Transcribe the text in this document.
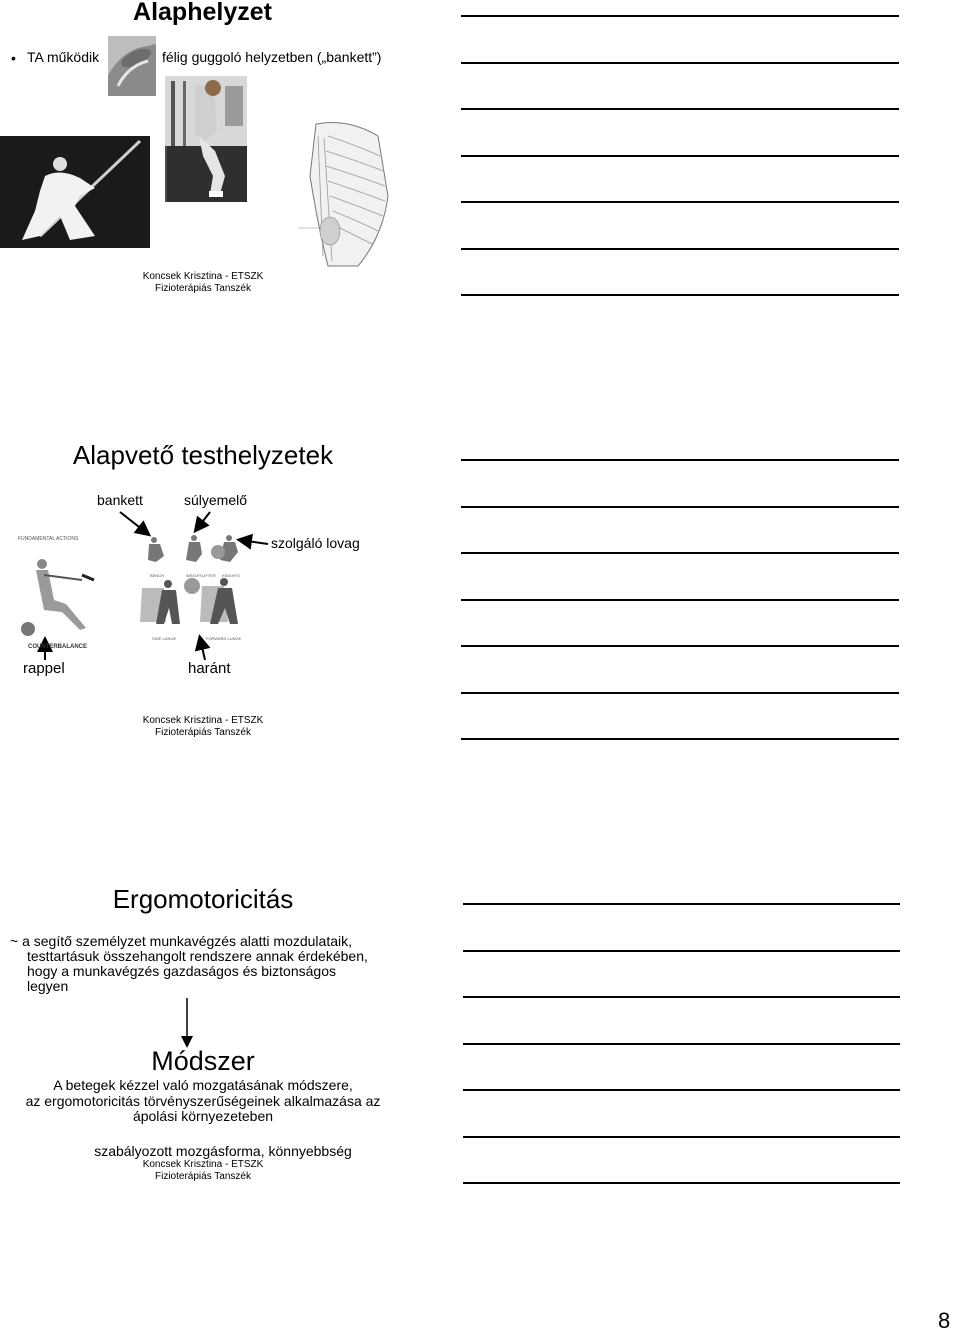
Alaphelyzet
• TA működik	félig guggoló helyzetben („bankett”)
Koncsek Krisztina - ETSZK
Fizioterápiás Tanszék
Alapvető testhelyzetek
bankett	súlyemelő
szolgáló lovag
rappel	haránt
FUNDAMENTAL ACTIONS
COUNTERBALANCE
BENCH	WEIGHTLIFTER KNIGHTS
SIDE LUNGE	FORWARD LUNGE
Koncsek Krisztina - ETSZK
Fizioterápiás Tanszék
Ergomotoricitás
~ a segítő személyzet munkavégzés alatti mozdulataik,
testtartásuk összehangolt rendszere annak érdekében,
hogy a munkavégzés gazdaságos és biztonságos
legyen
Módszer
A betegek kézzel való mozgatásának módszere,
az ergomotoricitás törvényszerűségeinek alkalmazása az
ápolási környezeteben
szabályozott mozgásforma, könnyebbség
Koncsek Krisztina - ETSZK
Fizioterápiás Tanszék
8
